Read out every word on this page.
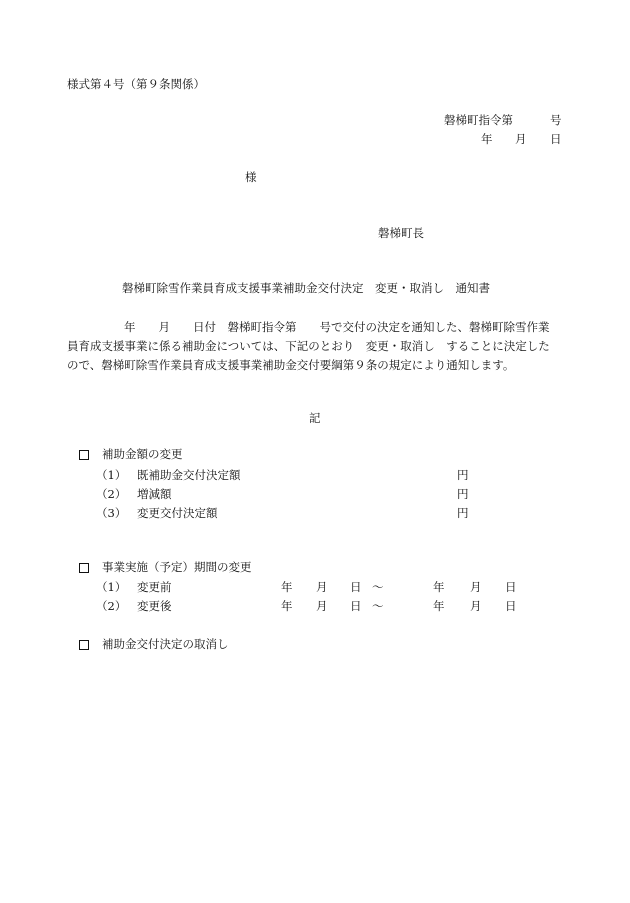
様式第４号（第９条関係）
磐梯町指令第	号
年 月 日
様
磐梯町長
磐梯町除雪作業員育成支援事業補助金交付決定　変更・取消し　通知書
年　　月　　日付　磐梯町指令第　　号で交付の決定を通知した、磐梯町除雪作業
員育成支援事業に係る補助金については、下記のとおり　変更・取消し　することに決定した
ので、磐梯町除雪作業員育成支援事業補助金交付要綱第９条の規定により通知します。
記
補助金額の変更
（1） 既補助金交付決定額	円
（2） 増減額	円
（3） 変更交付決定額	円
事業実施（予定）期間の変更
（1） 変更前	年 月 日 〜	年 月 日
（2） 変更後	年 月 日 〜	年 月 日
補助金交付決定の取消し
